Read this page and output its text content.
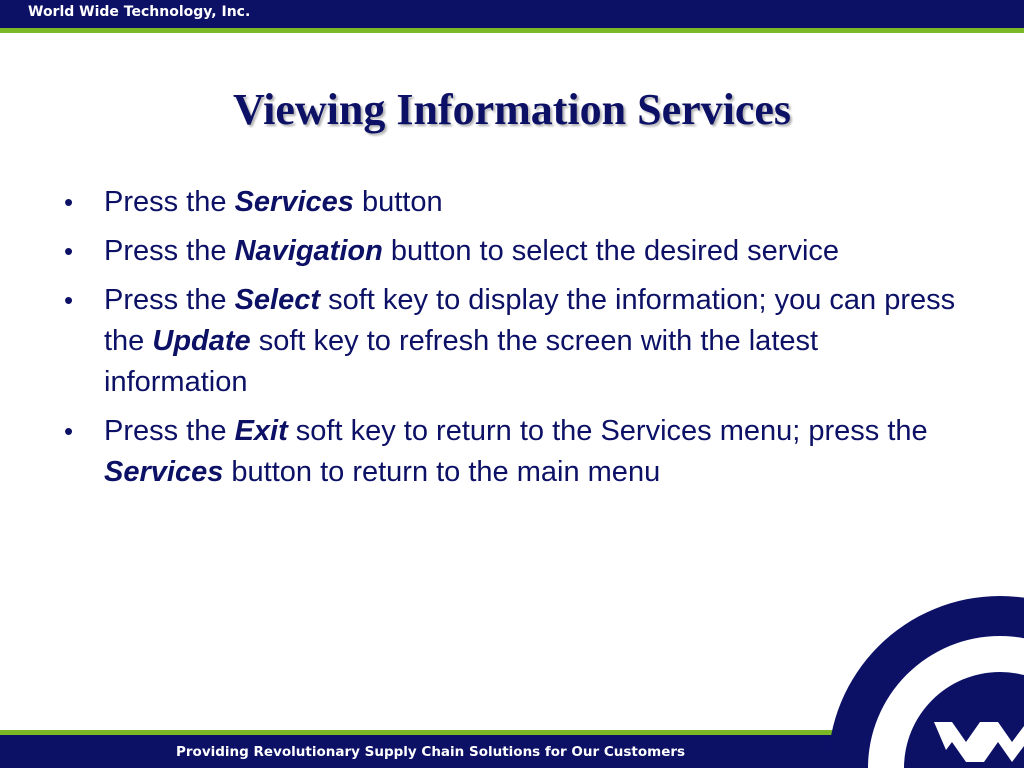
World Wide Technology, Inc.
Viewing Information Services
• Press the Services button
• Press the Navigation button to select the desired service
• Press the Select soft key to display the information; you can press the Update soft key to refresh the screen with the latest information
• Press the Exit soft key to return to the Services menu; press the Services button to return to the main menu
Providing Revolutionary Supply Chain Solutions for Our Customers
